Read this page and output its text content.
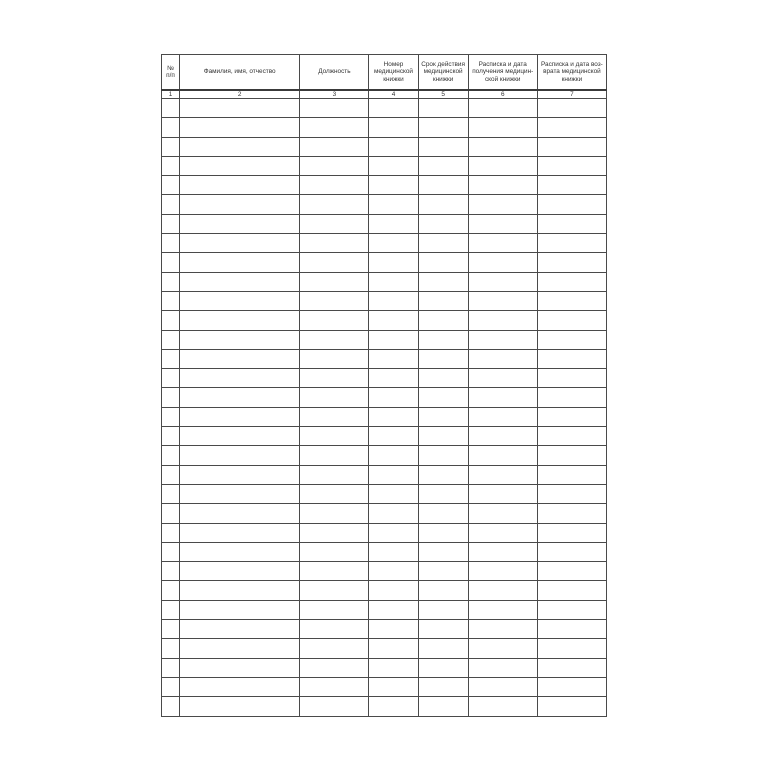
№
п/п	Фамилия, имя, отчество	Должность	Номер
медицинской
книжки	Срок действия
медицинской
книжки	Расписка и дата
получения медицин-
ской книжки	Расписка и дата воз-
врата медицинской
книжки

1	2	3	4	5	6	7
